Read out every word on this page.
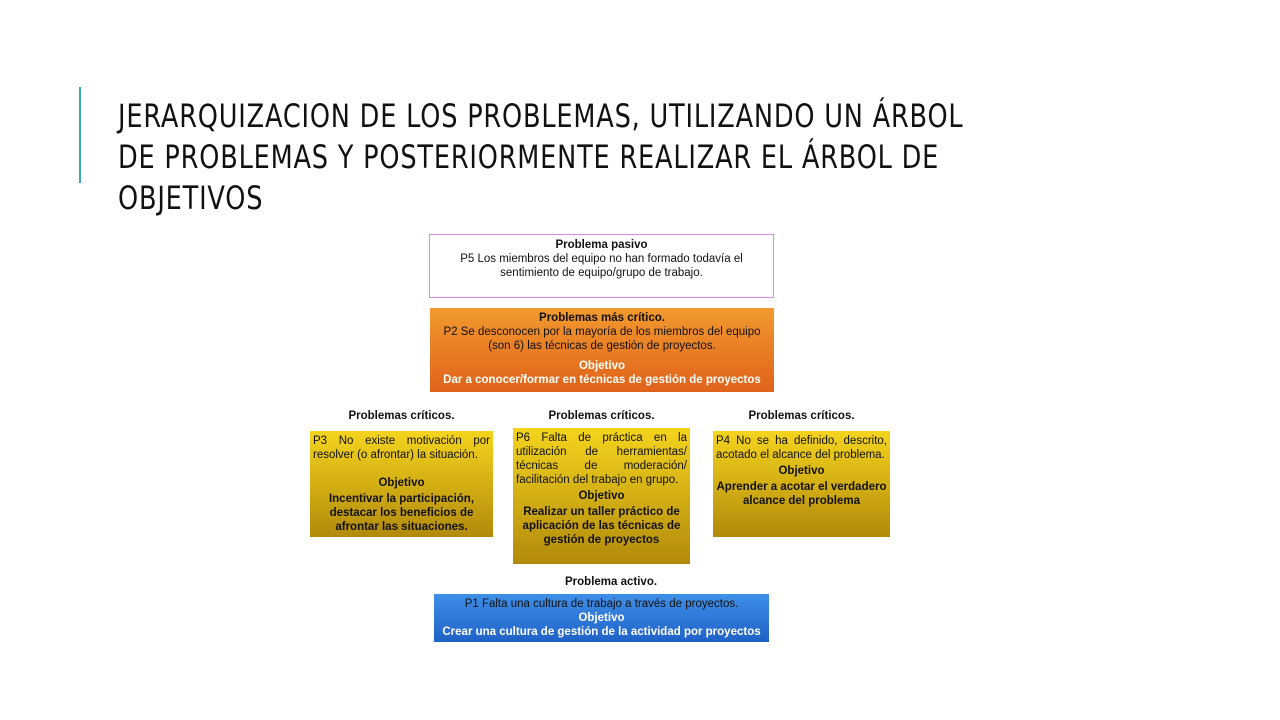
JERARQUIZACION DE LOS PROBLEMAS, UTILIZANDO UN ÁRBOL DE PROBLEMAS Y POSTERIORMENTE REALIZAR EL ÁRBOL DE OBJETIVOS
Problema pasivo
P5 Los miembros del equipo no han formado todavía el sentimiento de equipo/grupo de trabajo.
Problemas más crítico.
P2 Se desconocen por la mayoría de los miembros del equipo (son 6) las técnicas de gestión de proyectos.
Objetivo
Dar a conocer/formar en técnicas de gestión de proyectos
Problemas críticos.	Problemas críticos.	Problemas críticos.
P3 No existe motivación por resolver (o afrontar) la situación.
Objetivo
Incentivar la participación, destacar los beneficios de afrontar las situaciones.
P6 Falta de práctica en la utilización de herramientas/ técnicas de moderación/ facilitación del trabajo en grupo.
Objetivo
Realizar un taller práctico de aplicación de las técnicas de gestión de proyectos
P4 No se ha definido, descrito, acotado el alcance del problema.
Objetivo
Aprender a acotar el verdadero alcance del problema
Problema activo.
P1 Falta una cultura de trabajo a través de proyectos.
Objetivo
Crear una cultura de gestión de la actividad por proyectos
